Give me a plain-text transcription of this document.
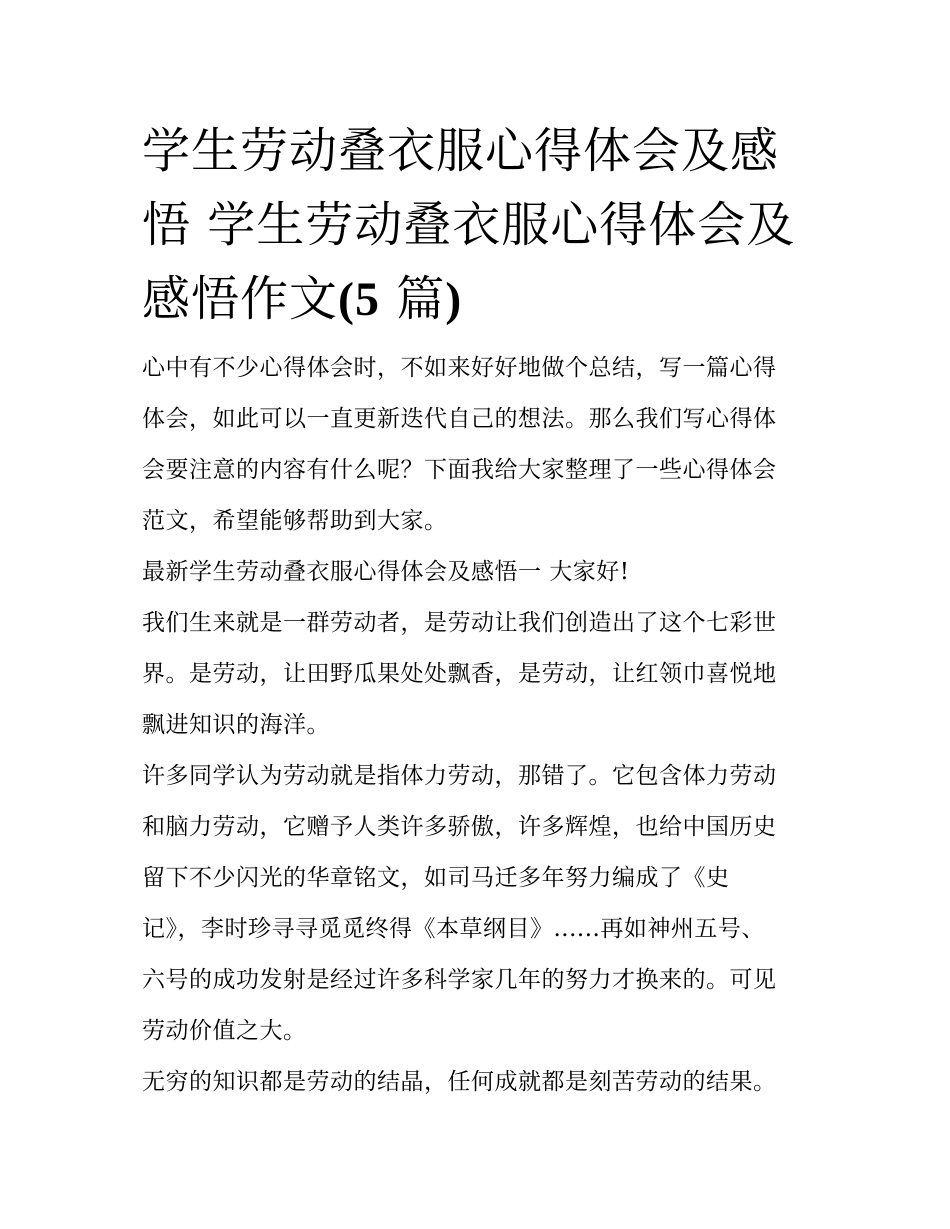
学生劳动叠衣服心得体会及感
悟 学生劳动叠衣服心得体会及
感悟作文(5 篇)

心中有不少心得体会时，不如来好好地做个总结，写一篇心得
体会，如此可以一直更新迭代自己的想法。那么我们写心得体
会要注意的内容有什么呢？下面我给大家整理了一些心得体会
范文，希望能够帮助到大家。

最新学生劳动叠衣服心得体会及感悟一 大家好!

我们生来就是一群劳动者，是劳动让我们创造出了这个七彩世
界。是劳动，让田野瓜果处处飘香，是劳动，让红领巾喜悦地
飘进知识的海洋。

许多同学认为劳动就是指体力劳动，那错了。它包含体力劳动
和脑力劳动，它赠予人类许多骄傲，许多辉煌，也给中国历史
留下不少闪光的华章铭文，如司马迁多年努力编成了《史
记》，李时珍寻寻觅觅终得《本草纲目》......再如神州五号、
六号的成功发射是经过许多科学家几年的努力才换来的。可见
劳动价值之大。

无穷的知识都是劳动的结晶，任何成就都是刻苦劳动的结果。
